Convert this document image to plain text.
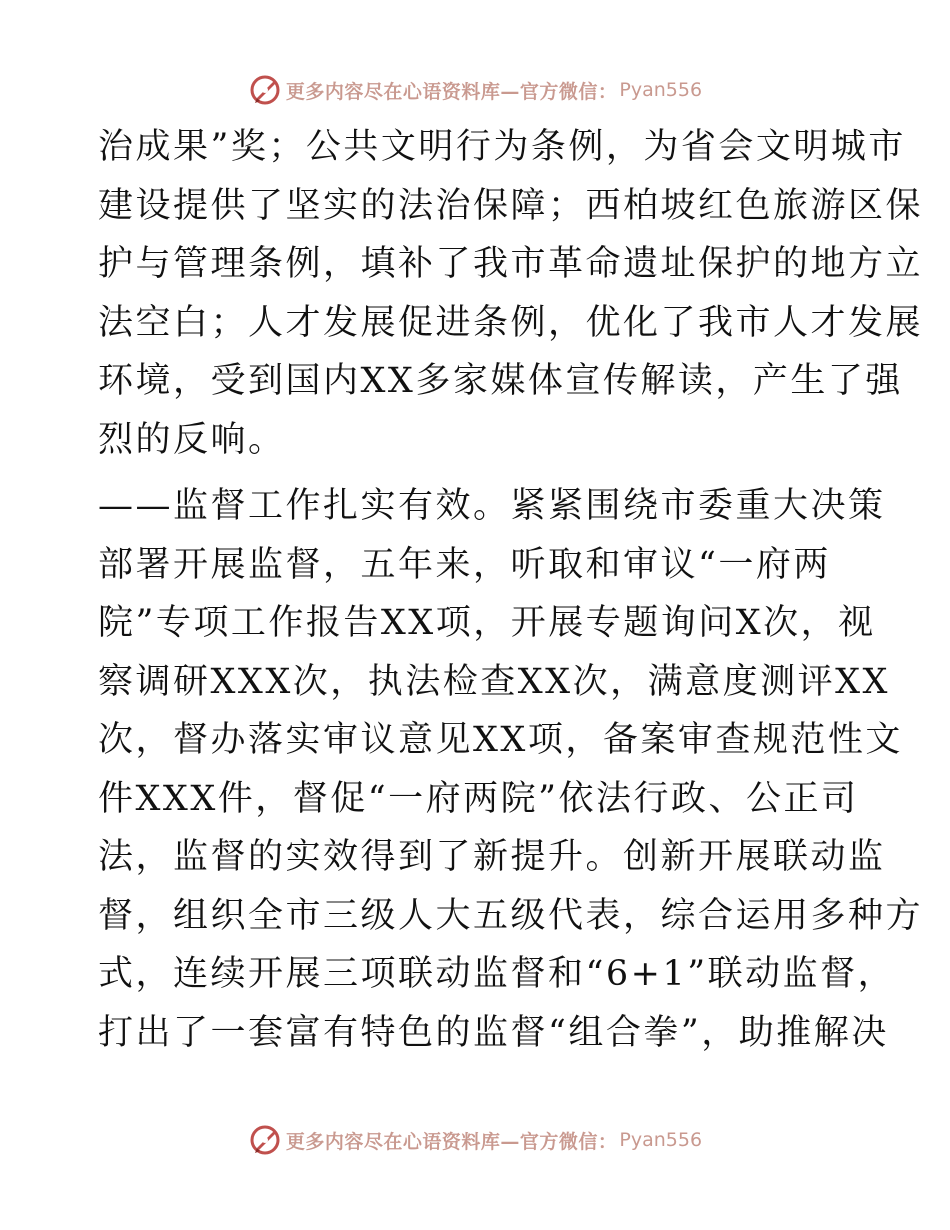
更多内容尽在心语资料库—官方微信： Pyan556
治成果”奖；公共文明行为条例，为省会文明城市
建设提供了坚实的法治保障；西柏坡红色旅游区保
护与管理条例，填补了我市革命遗址保护的地方立
法空白；人才发展促进条例，优化了我市人才发展
环境，受到国内XX多家媒体宣传解读，产生了强
烈的反响。
——监督工作扎实有效。紧紧围绕市委重大决策
部署开展监督，五年来，听取和审议“一府两
院”专项工作报告XX项，开展专题询问X次，视
察调研XXX次，执法检查XX次，满意度测评XX
次，督办落实审议意见XX项，备案审查规范性文
件XXX件，督促“一府两院”依法行政、公正司
法，监督的实效得到了新提升。创新开展联动监
督，组织全市三级人大五级代表，综合运用多种方
式，连续开展三项联动监督和“6+1”联动监督，
打出了一套富有特色的监督“组合拳”，助推解决
更多内容尽在心语资料库—官方微信： Pyan556
